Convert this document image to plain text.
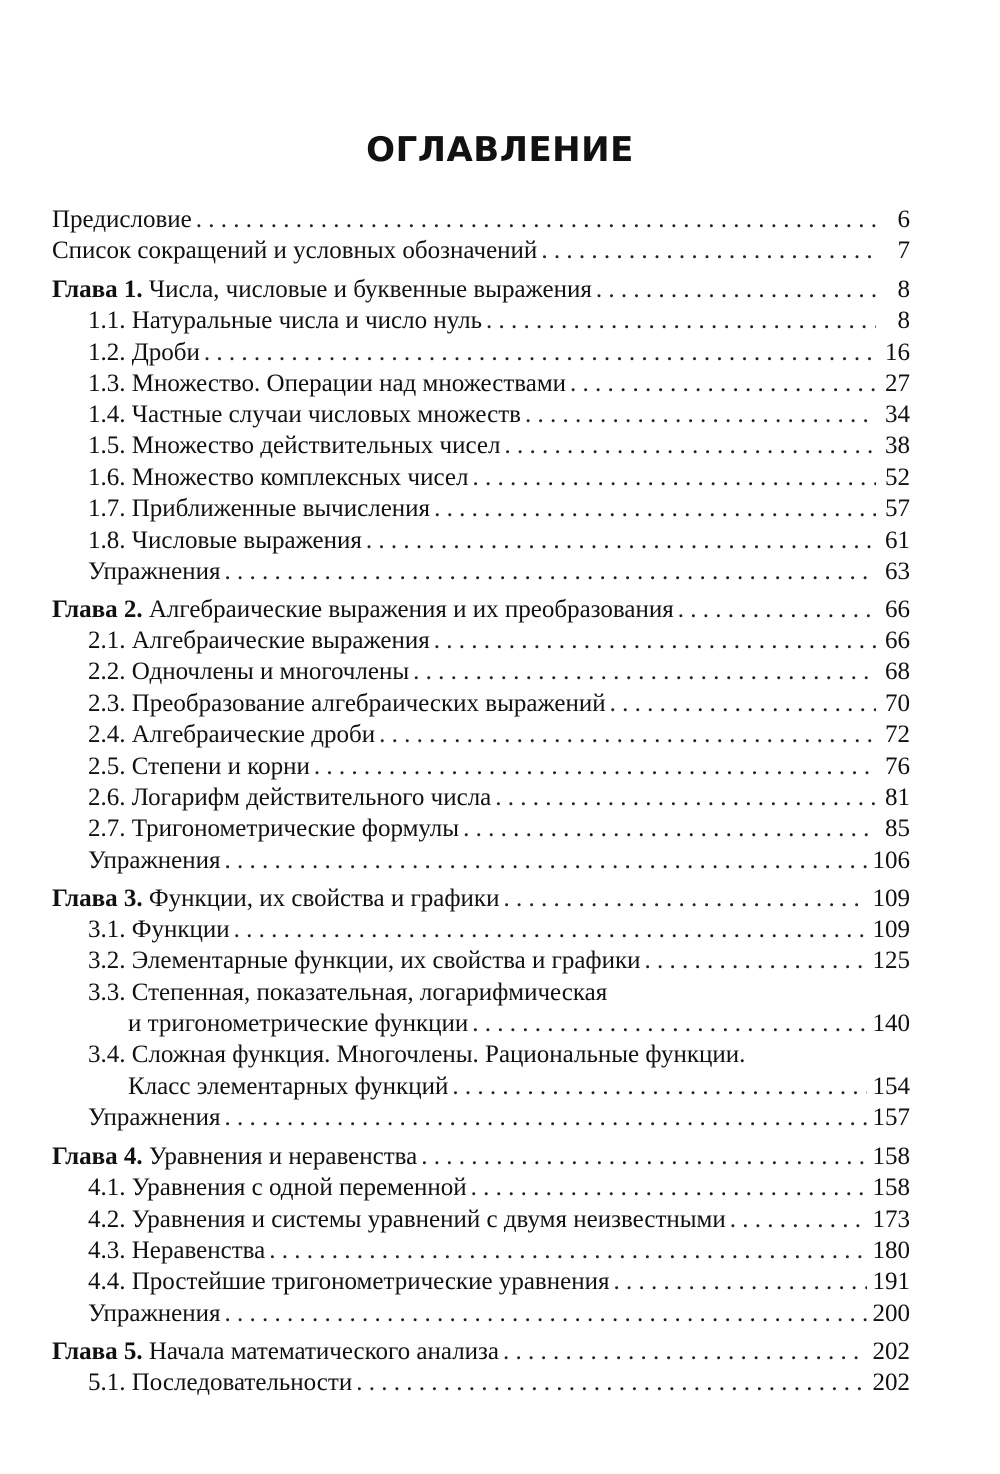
ОГЛАВЛЕНИЕ
Предисловие . . .	6
Список сокращений и условных обозначений . . .	7
Глава 1. Числа, числовые и буквенные выражения . . .	8
1.1. Натуральные числа и число нуль . . .	8
1.2. Дроби . . .	16
1.3. Множество. Операции над множествами . . .	27
1.4. Частные случаи числовых множеств . . .	34
1.5. Множество действительных чисел . . .	38
1.6. Множество комплексных чисел . . .	52
1.7. Приближенные вычисления . . .	57
1.8. Числовые выражения . . .	61
Упражнения . . .	63
Глава 2. Алгебраические выражения и их преобразования . . .	66
2.1. Алгебраические выражения . . .	66
2.2. Одночлены и многочлены . . .	68
2.3. Преобразование алгебраических выражений . . .	70
2.4. Алгебраические дроби . . .	72
2.5. Степени и корни . . .	76
2.6. Логарифм действительного числа . . .	81
2.7. Тригонометрические формулы . . .	85
Упражнения . . .	106
Глава 3. Функции, их свойства и графики . . .	109
3.1. Функции . . .	109
3.2. Элементарные функции, их свойства и графики . . .	125
3.3. Степенная, показательная, логарифмическая
и тригонометрические функции . . .	140
3.4. Сложная функция. Многочлены. Рациональные функции.
Класс элементарных функций . . .	154
Упражнения . . .	157
Глава 4. Уравнения и неравенства . . .	158
4.1. Уравнения с одной переменной . . .	158
4.2. Уравнения и системы уравнений с двумя неизвестными . . .	173
4.3. Неравенства . . .	180
4.4. Простейшие тригонометрические уравнения . . .	191
Упражнения . . .	200
Глава 5. Начала математического анализа . . .	202
5.1. Последовательности . . .	202
